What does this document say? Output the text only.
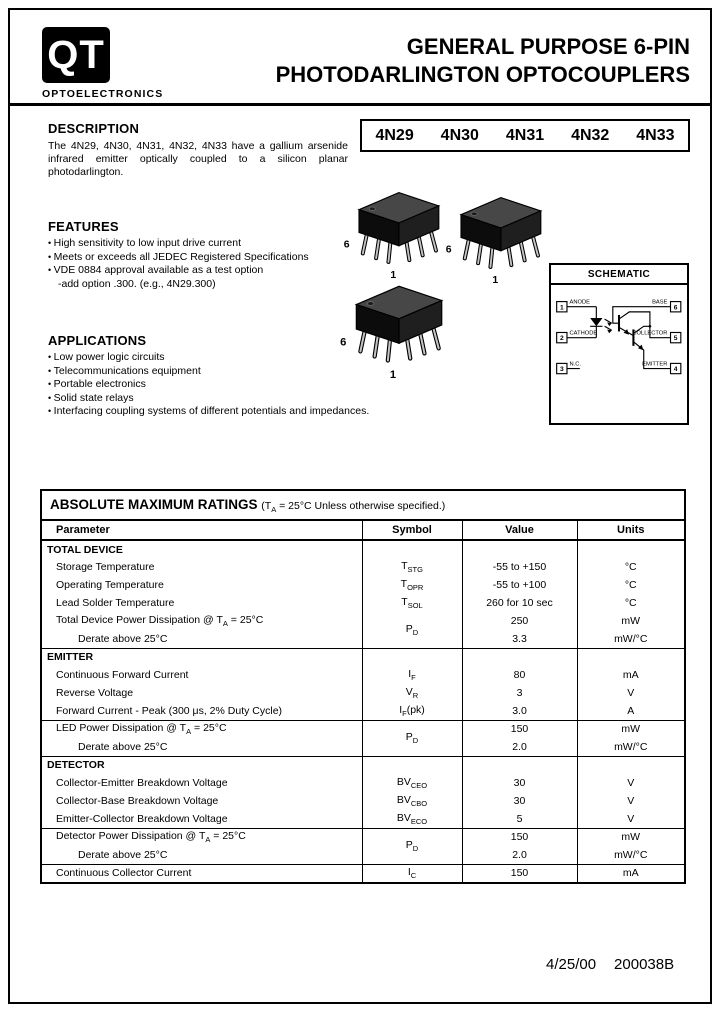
QT
OPTOELECTRONICS
GENERAL PURPOSE 6-PIN
PHOTODARLINGTON OPTOCOUPLERS
DESCRIPTION
The 4N29, 4N30, 4N31, 4N32, 4N33 have a gallium arsenide infrared emitter optically coupled to a silicon planar photodarlington.
4N29	4N30	4N31	4N32	4N33
FEATURES
• High sensitivity to low input drive current
• Meets or exceeds all JEDEC Registered Specifications
• VDE 0884 approval available as a test option
-add option .300. (e.g., 4N29.300)
APPLICATIONS
• Low power logic circuits
• Telecommunications equipment
• Portable electronics
• Solid state relays
• Interfacing coupling systems of different potentials and impedances.
SCHEMATIC
1
2
3
6
5
4
ANODE
CATHODE
N.C.
BASE
COLLECTOR
EMITTER
ABSOLUTE MAXIMUM RATINGS ($T_A = 25^\circ C$ Unless otherwise specified.)
Parameter	Symbol	Value	Units
TOTAL DEVICE			
Storage Temperature	$T_{STG}$	-55 to +150	°C
Operating Temperature	$T_{OPR}$	-55 to +100	°C
Lead Solder Temperature	$T_{SOL}$	260 for 10 sec	°C
Total Device Power Dissipation @ $T_A = 25^\circ C$	$P_D$	250	mW
Derate above 25°C		3.3	mW/°C
EMITTER			
Continuous Forward Current	$I_F$	80	mA
Reverse Voltage	$V_R$	3	V
Forward Current - Peak (300 μs, 2% Duty Cycle)	$I_F(pk)$	3.0	A
LED Power Dissipation @ $T_A = 25^\circ C$	$P_D$	150	mW
Derate above 25°C		2.0	mW/°C
DETECTOR			
Collector-Emitter Breakdown Voltage	$BV_{CEO}$	30	V
Collector-Base Breakdown Voltage	$BV_{CBO}$	30	V
Emitter-Collector Breakdown Voltage	$BV_{ECO}$	5	V
Detector Power Dissipation @ $T_A = 25^\circ C$	$P_D$	150	mW
Derate above 25°C		2.0	mW/°C
Continuous Collector Current	$I_C$	150	mA
4/25/00 200038B
